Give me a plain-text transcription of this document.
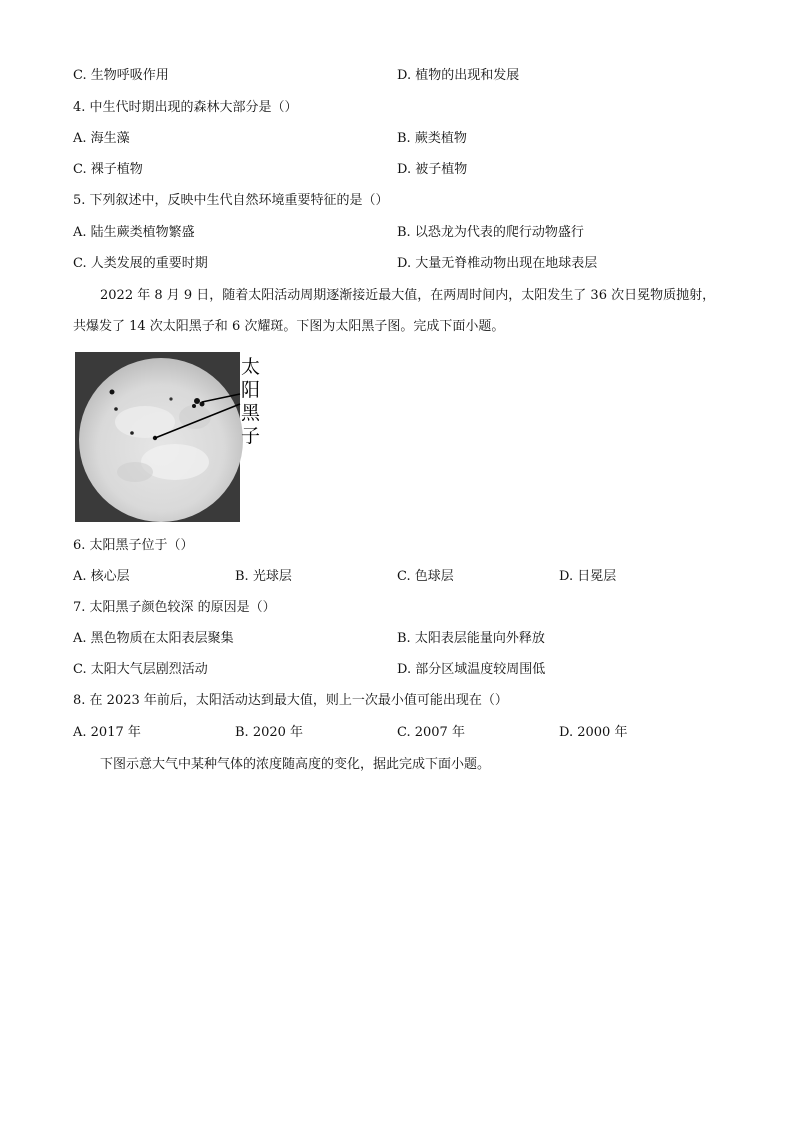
C. 生物呼吸作用	D. 植物的出现和发展
4. 中生代时期出现的森林大部分是（）
A. 海生藻	B. 蕨类植物
C. 裸子植物	D. 被子植物
5. 下列叙述中，反映中生代自然环境重要特征的是（）
A. 陆生蕨类植物繁盛	B. 以恐龙为代表的爬行动物盛行
C. 人类发展的重要时期	D. 大量无脊椎动物出现在地球表层
2022 年 8 月 9 日，随着太阳活动周期逐渐接近最大值，在两周时间内，太阳发生了 36 次日冕物质抛射，
共爆发了 14 次太阳黑子和 6 次耀斑。下图为太阳黑子图。完成下面小题。
太
阳
黑
子
6. 太阳黑子位于（）
A. 核心层	B. 光球层	C. 色球层	D. 日冕层
7. 太阳黑子颜色较深 的原因是（）
A. 黑色物质在太阳表层聚集	B. 太阳表层能量向外释放
C. 太阳大气层剧烈活动	D. 部分区域温度较周围低
8. 在 2023 年前后，太阳活动达到最大值，则上一次最小值可能出现在（）
A. 2017 年	B. 2020 年	C. 2007 年	D. 2000 年
下图示意大气中某种气体的浓度随高度的变化，据此完成下面小题。
